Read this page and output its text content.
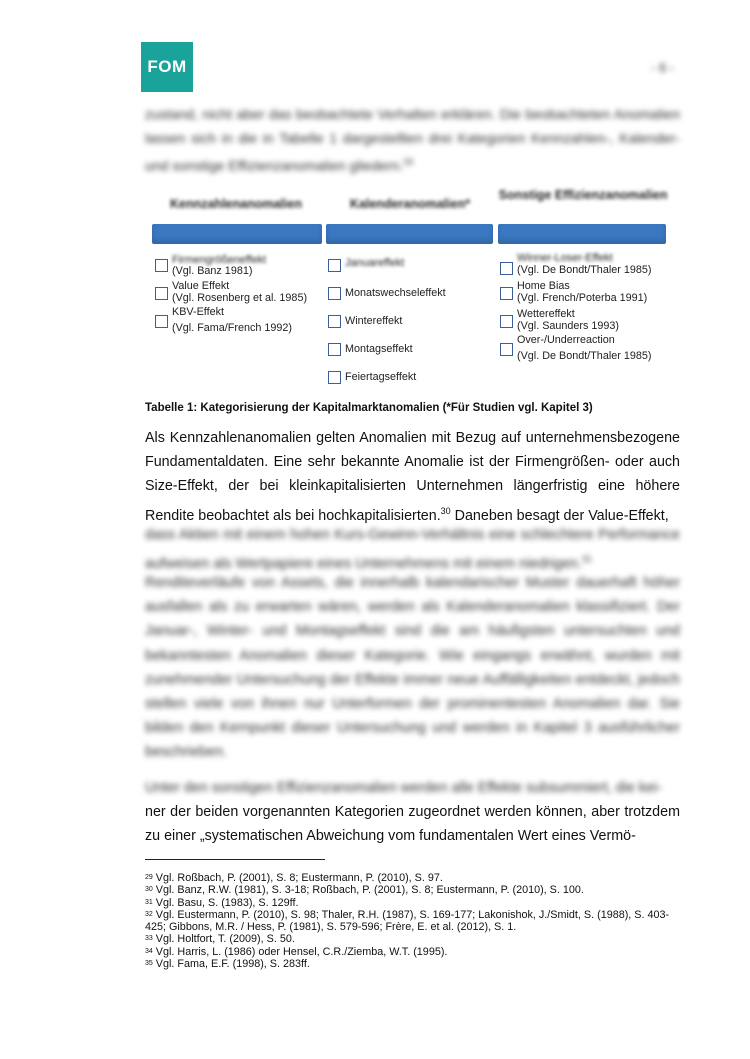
FOM	- 6 -
zustand, nicht aber das beobachtete Verhalten erklären. Die beobachteten Anomalien lassen sich in die in Tabelle 1 dargestellten drei Kategorien Kennzahlen-, Kalender- und sonstige Effizienzanomalien gliedern.$^{29}$
Kennzahlenanomalien	Kalenderanomalien*
Sonstige Effizienzanomalien
Firmengrößeneffekt
(Vgl. Banz 1981)
Value Effekt
(Vgl. Rosenberg et al. 1985)
KBV-Effekt
(Vgl. Fama/French 1992)
Januareffekt
Monatswechseleffekt
Wintereffekt
Montagseffekt
Feiertagseffekt
Winner-Loser-Effekt
(Vgl. De Bondt/Thaler 1985)
Home Bias
(Vgl. French/Poterba 1991)
Wettereffekt
(Vgl. Saunders 1993)
Over-/Underreaction
(Vgl. De Bondt/Thaler 1985)
Tabelle 1: Kategorisierung der Kapitalmarktanomalien (*Für Studien vgl. Kapitel 3)
Als Kennzahlenanomalien gelten Anomalien mit Bezug auf unternehmensbezogene Fundamentaldaten. Eine sehr bekannte Anomalie ist der Firmengrößen- oder auch Size-Effekt, der bei kleinkapitalisierten Unternehmen längerfristig eine höhere Rendite beobachtet als bei hochkapitalisierten.$^{30}$ Daneben besagt der Value-Effekt,
dass Aktien mit einem hohen Kurs-Gewinn-Verhältnis eine schlechtere Performance aufweisen als Wertpapiere eines Unternehmens mit einem niedrigen.$^{31}$
Renditeverläufe von Assets, die innerhalb kalendarischer Muster dauerhaft höher ausfallen als zu erwarten wären, werden als Kalenderanomalien klassifiziert. Der Januar-, Winter- und Montagseffekt sind die am häufigsten untersuchten und bekanntesten Anomalien dieser Kategorie. Wie eingangs erwähnt, wurden mit zunehmender Untersuchung der Effekte immer neue Auffälligkeiten entdeckt, jedoch stellen viele von ihnen nur Unterformen der prominentesten Anomalien dar. Sie bilden den Kernpunkt dieser Untersuchung und werden in Kapitel 3 ausführlicher beschrieben.
Unter den sonstigen Effizienzanomalien werden alle Effekte subsummiert, die kei-
ner der beiden vorgenannten Kategorien zugeordnet werden können, aber trotzdem zu einer „systematischen Abweichung vom fundamentalen Wert eines Vermö-
$^{29}$ Vgl. Roßbach, P. (2001), S. 8; Eustermann, P. (2010), S. 97.
$^{30}$ Vgl. Banz, R.W. (1981), S. 3-18; Roßbach, P. (2001), S. 8; Eustermann, P. (2010), S. 100.
$^{31}$ Vgl. Basu, S. (1983), S. 129ff.
$^{32}$ Vgl. Eustermann, P. (2010), S. 98; Thaler, R.H. (1987), S. 169-177; Lakonishok, J./Smidt, S. (1988), S. 403-425; Gibbons, M.R. / Hess, P. (1981), S. 579-596; Frère, E. et al. (2012), S. 1.
$^{33}$ Vgl. Holtfort, T. (2009), S. 50.
$^{34}$ Vgl. Harris, L. (1986) oder Hensel, C.R./Ziemba, W.T. (1995).
$^{35}$ Vgl. Fama, E.F. (1998), S. 283ff.
